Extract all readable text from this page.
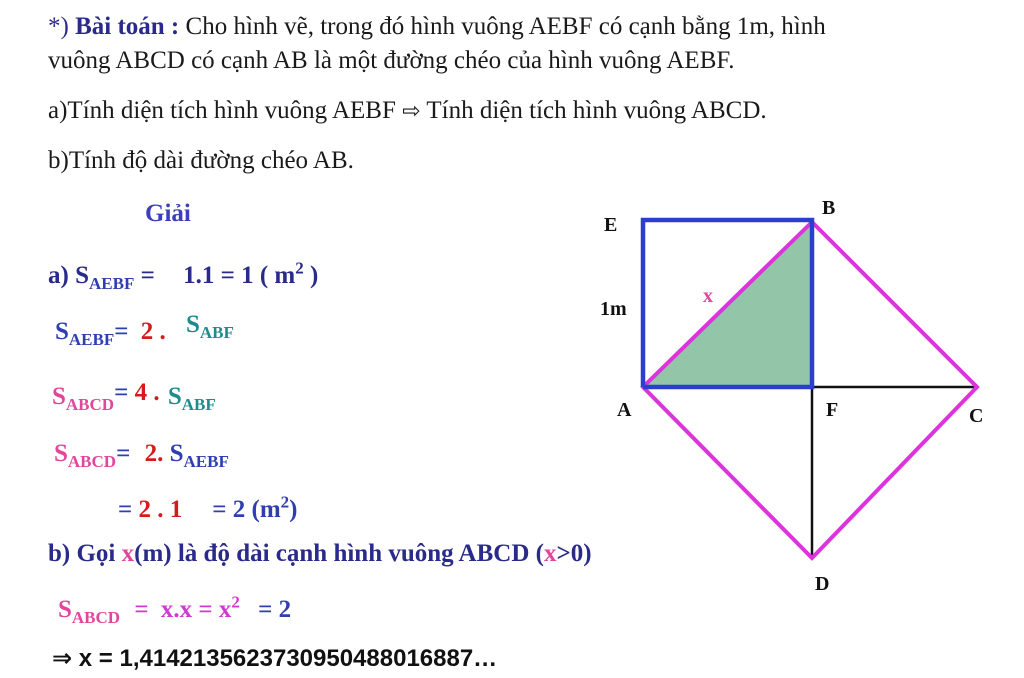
*) Bài toán : Cho hình vẽ, trong đó hình vuông AEBF có cạnh bằng 1m, hình
vuông ABCD có cạnh AB là một đường chéo của hình vuông AEBF.
a)Tính diện tích hình vuông AEBF ⇨ Tính diện tích hình vuông ABCD.
b)Tính độ dài đường chéo AB.
Giải
a) $S_{AEBF} = 1.1 = 1$ ( $m^2$ )
$S_{AEBF}= 2$ . $S_{ABF}$
$S_{ABCD}= 4$ . $S_{ABF}$
$S_{ABCD}= 2$. $S_{AEBF}$
= 2 . 1 = 2 $(m^2)$
b) Gọi x(m) là độ dài cạnh hình vuông ABCD (x>0)
$S_{ABCD} = x.x = x^2 = 2$
⇒ x = 1,41421356237309504880168​87…
E
B
1m
x
A	F	C
D
